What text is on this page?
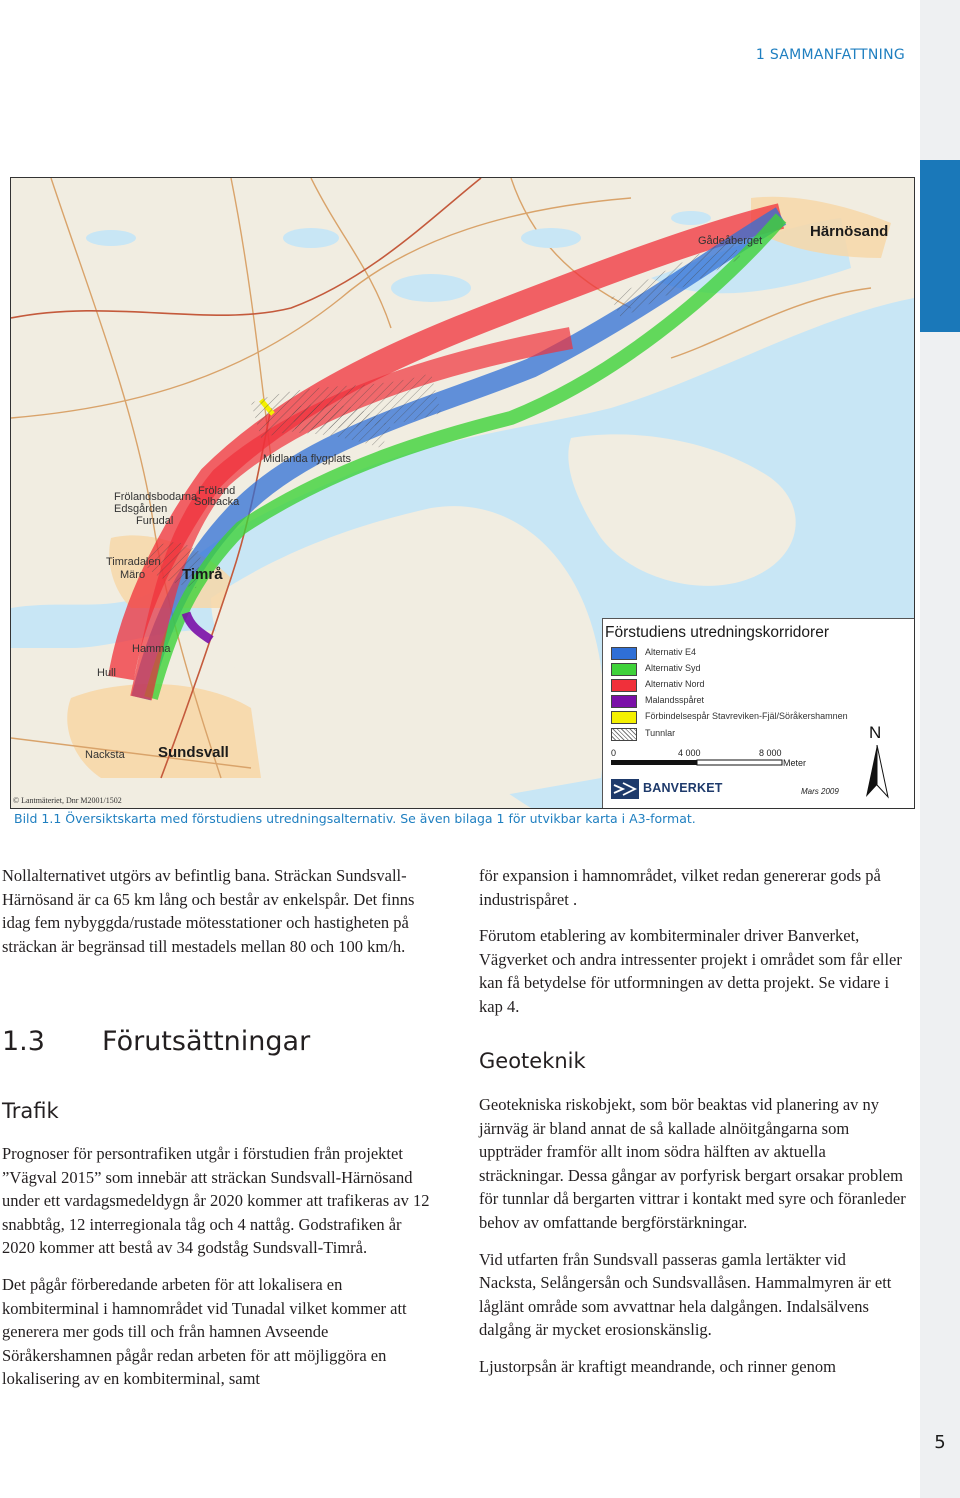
1 SAMMANFATTNING
Härnösand
Gådeåberget
Midlanda flygplats
Frölandsbodarna Fröland
Solbacka
Edsgården
Furudal
Timradalen
Märo Timrå
Hamma
Hull
Nacksta Sundsvall
© Lantmäteriet, Dnr M2001/1502
Förstudiens utredningskorridorer
Alternativ E4
Alternativ Syd
Alternativ Nord
Malandsspåret
Förbindelsespår Stavreviken-Fjäl/Söråkershamnen
Tunnlar
0	4 000	8 000
Meter
N
BANVERKET	Mars 2009
Bild 1.1 Översiktskarta med förstudiens utredningsalternativ. Se även bilaga 1 för utvikbar karta i A3-format.

Nollalternativet utgörs av befintlig bana. Sträckan Sundsvall-Härnösand är ca 65 km lång och består av enkelspår. Det finns idag fem nybyggda/rustade mötesstationer och hastigheten på sträckan är begränsad till mestadels mellan 80 och 100 km/h.

1.3 Förutsättningar
Trafik

Prognoser för persontrafiken utgår i förstudien från projektet ”Vägval 2015” som innebär att sträckan Sundsvall-Härnösand under ett vardagsmedeldygn år 2020 kommer att trafikeras av 12 snabbtåg, 12 interregionala tåg och 4 nattåg. Godstrafiken år 2020 kommer att bestå av 34 godståg Sundsvall-Timrå.

Det pågår förberedande arbeten för att lokalisera en kombiterminal i hamnområdet vid Tunadal vilket kommer att generera mer gods till och från hamnen Avseende Söråkershamnen pågår redan arbeten för att möjliggöra en lokalisering av en kombiterminal, samt

för expansion i hamnområdet, vilket redan genererar gods på industrispåret .

Förutom etablering av kombiterminaler driver Banverket, Vägverket och andra intressenter projekt i området som får eller kan få betydelse för utformningen av detta projekt. Se vidare i kap 4.

Geoteknik

Geotekniska riskobjekt, som bör beaktas vid planering av ny järnväg är bland annat de så kallade alnöitgångarna som uppträder framför allt inom södra hälften av aktuella sträckningar. Dessa gångar av porfyrisk bergart orsakar problem för tunnlar då bergarten vittrar i kontakt med syre och föranleder behov av omfattande bergförstärkningar.

Vid utfarten från Sundsvall passeras gamla lertäkter vid Nacksta, Selångersån och Sundsvallåsen. Hammalmyren är ett låglänt område som avvattnar hela dalgången. Indalsälvens dalgång är mycket erosionskänslig.

Ljustorpsån är kraftigt meandrande, och rinner genom

5
